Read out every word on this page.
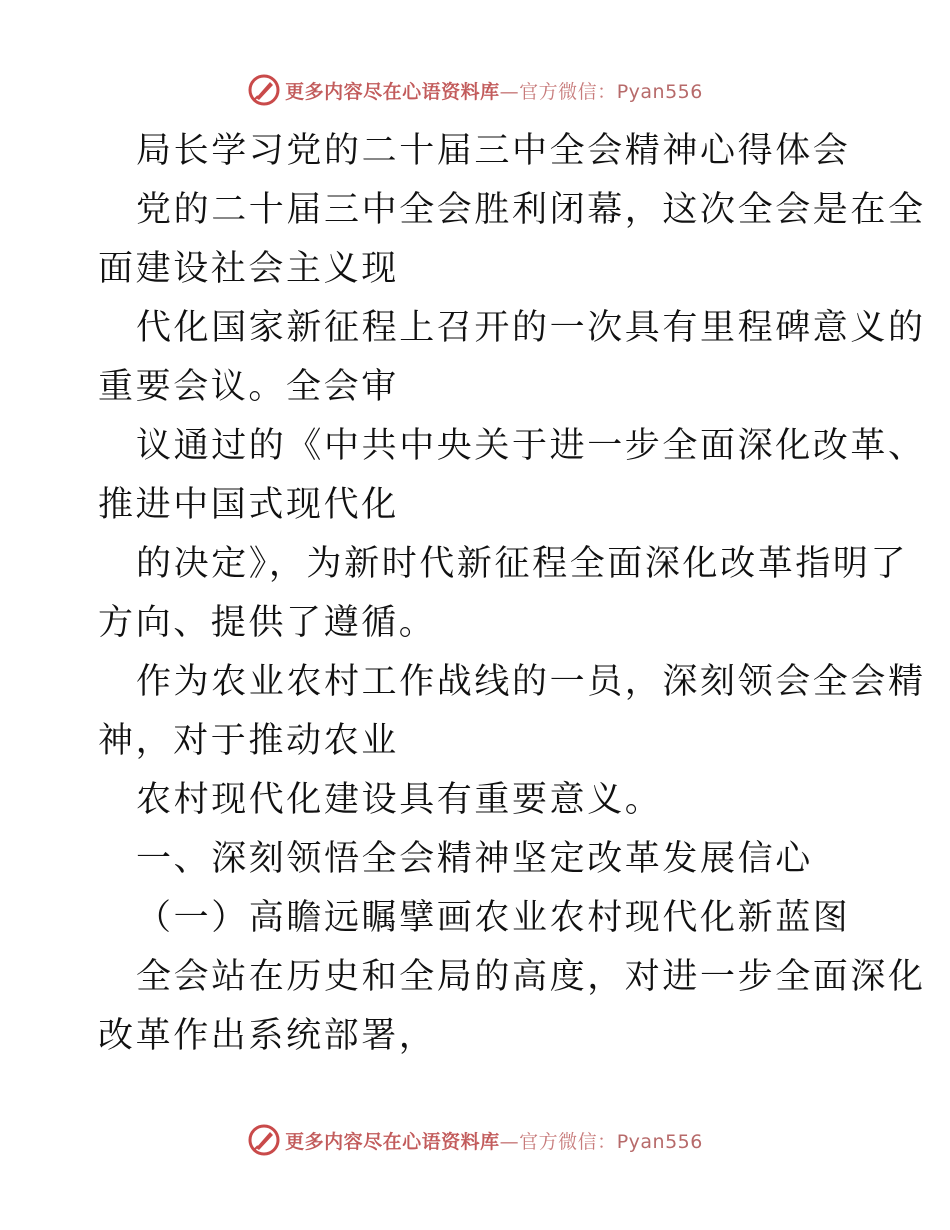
更多内容尽在心语资料库—官方微信：Pyan556
局长学习党的二十届三中全会精神心得体会
党的二十届三中全会胜利闭幕，这次全会是在全
面建设社会主义现
代化国家新征程上召开的一次具有里程碑意义的
重要会议。全会审
议通过的《中共中央关于进一步全面深化改革、
推进中国式现代化
的决定》，为新时代新征程全面深化改革指明了
方向、提供了遵循。
作为农业农村工作战线的一员，深刻领会全会精
神，对于推动农业
农村现代化建设具有重要意义。
一、深刻领悟全会精神坚定改革发展信心
（一）高瞻远瞩擘画农业农村现代化新蓝图
全会站在历史和全局的高度，对进一步全面深化
改革作出系统部署，
更多内容尽在心语资料库—官方微信：Pyan556
